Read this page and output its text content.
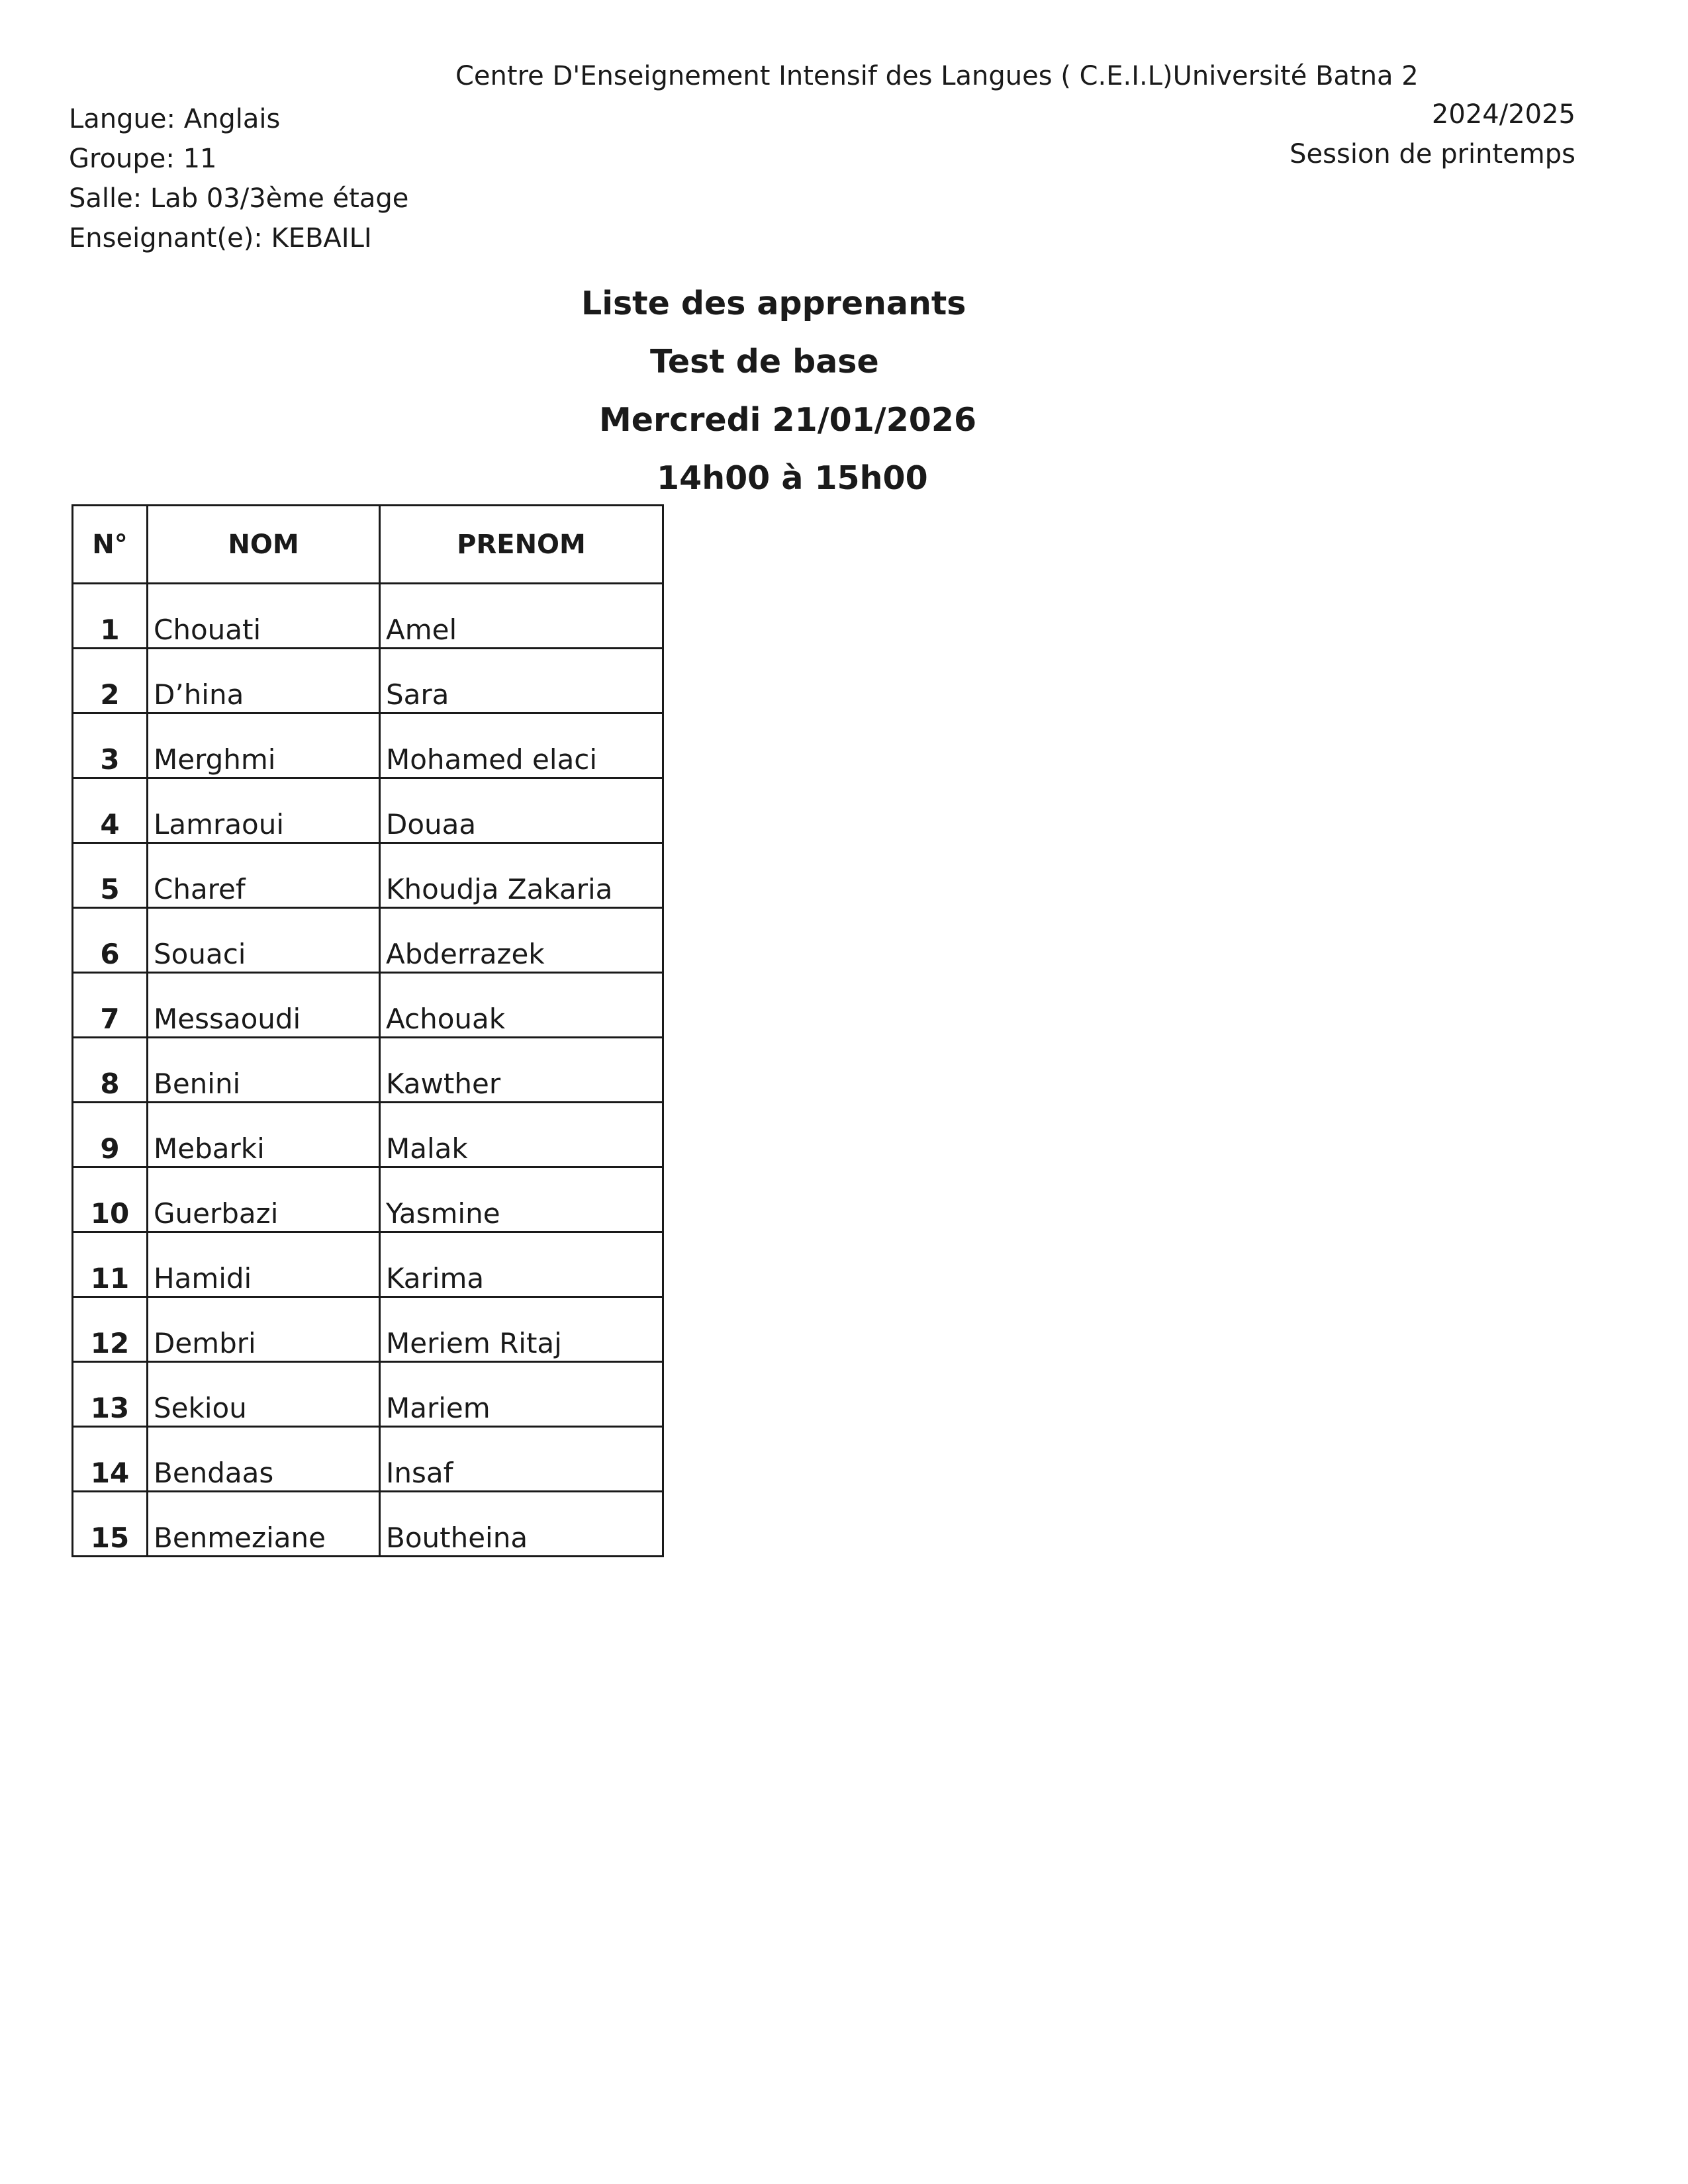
Centre D'Enseignement Intensif des Langues ( C.E.I.L)Université Batna 2
Langue: Anglais
Groupe: 11
Salle: Lab 03/3ème étage
Enseignant(e): KEBAILI
2024/2025
Session de printemps
Liste des apprenants
Test de base
Mercredi 21/01/2026
14h00 à 15h00
N°	NOM	PRENOM
1	Chouati	Amel
2	D’hina	Sara
3	Merghmi	Mohamed elaci
4	Lamraoui	Douaa
5	Charef	Khoudja Zakaria
6	Souaci	Abderrazek
7	Messaoudi	Achouak
8	Benini	Kawther
9	Mebarki	Malak
10	Guerbazi	Yasmine
11	Hamidi	Karima
12	Dembri	Meriem Ritaj
13	Sekiou	Mariem
14	Bendaas	Insaf
15	Benmeziane	Boutheina
